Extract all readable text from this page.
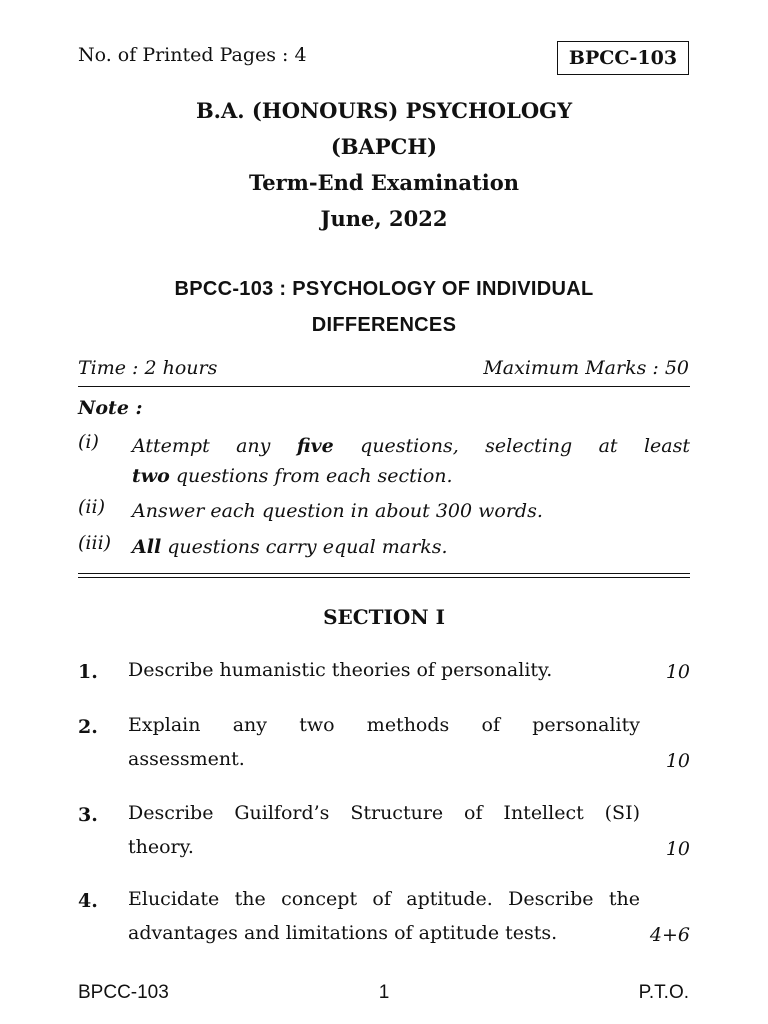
No. of Printed Pages : 4	BPCC-103
B.A. (HONOURS) PSYCHOLOGY
(BAPCH)
Term-End Examination
June, 2022
BPCC-103 : PSYCHOLOGY OF INDIVIDUAL
DIFFERENCES
Time : 2 hours	Maximum Marks : 50
Note :
(i) Attempt any five questions, selecting at least
two questions from each section.
(ii) Answer each question in about 300 words.
(iii) All questions carry equal marks.
SECTION I
1. Describe humanistic theories of personality.	10
2. Explain any two methods of personality
assessment.	10
3. Describe Guilford’s Structure of Intellect (SI)
theory.	10
4. Elucidate the concept of aptitude. Describe the
advantages and limitations of aptitude tests.	4+6
BPCC-103	1	P.T.O.
